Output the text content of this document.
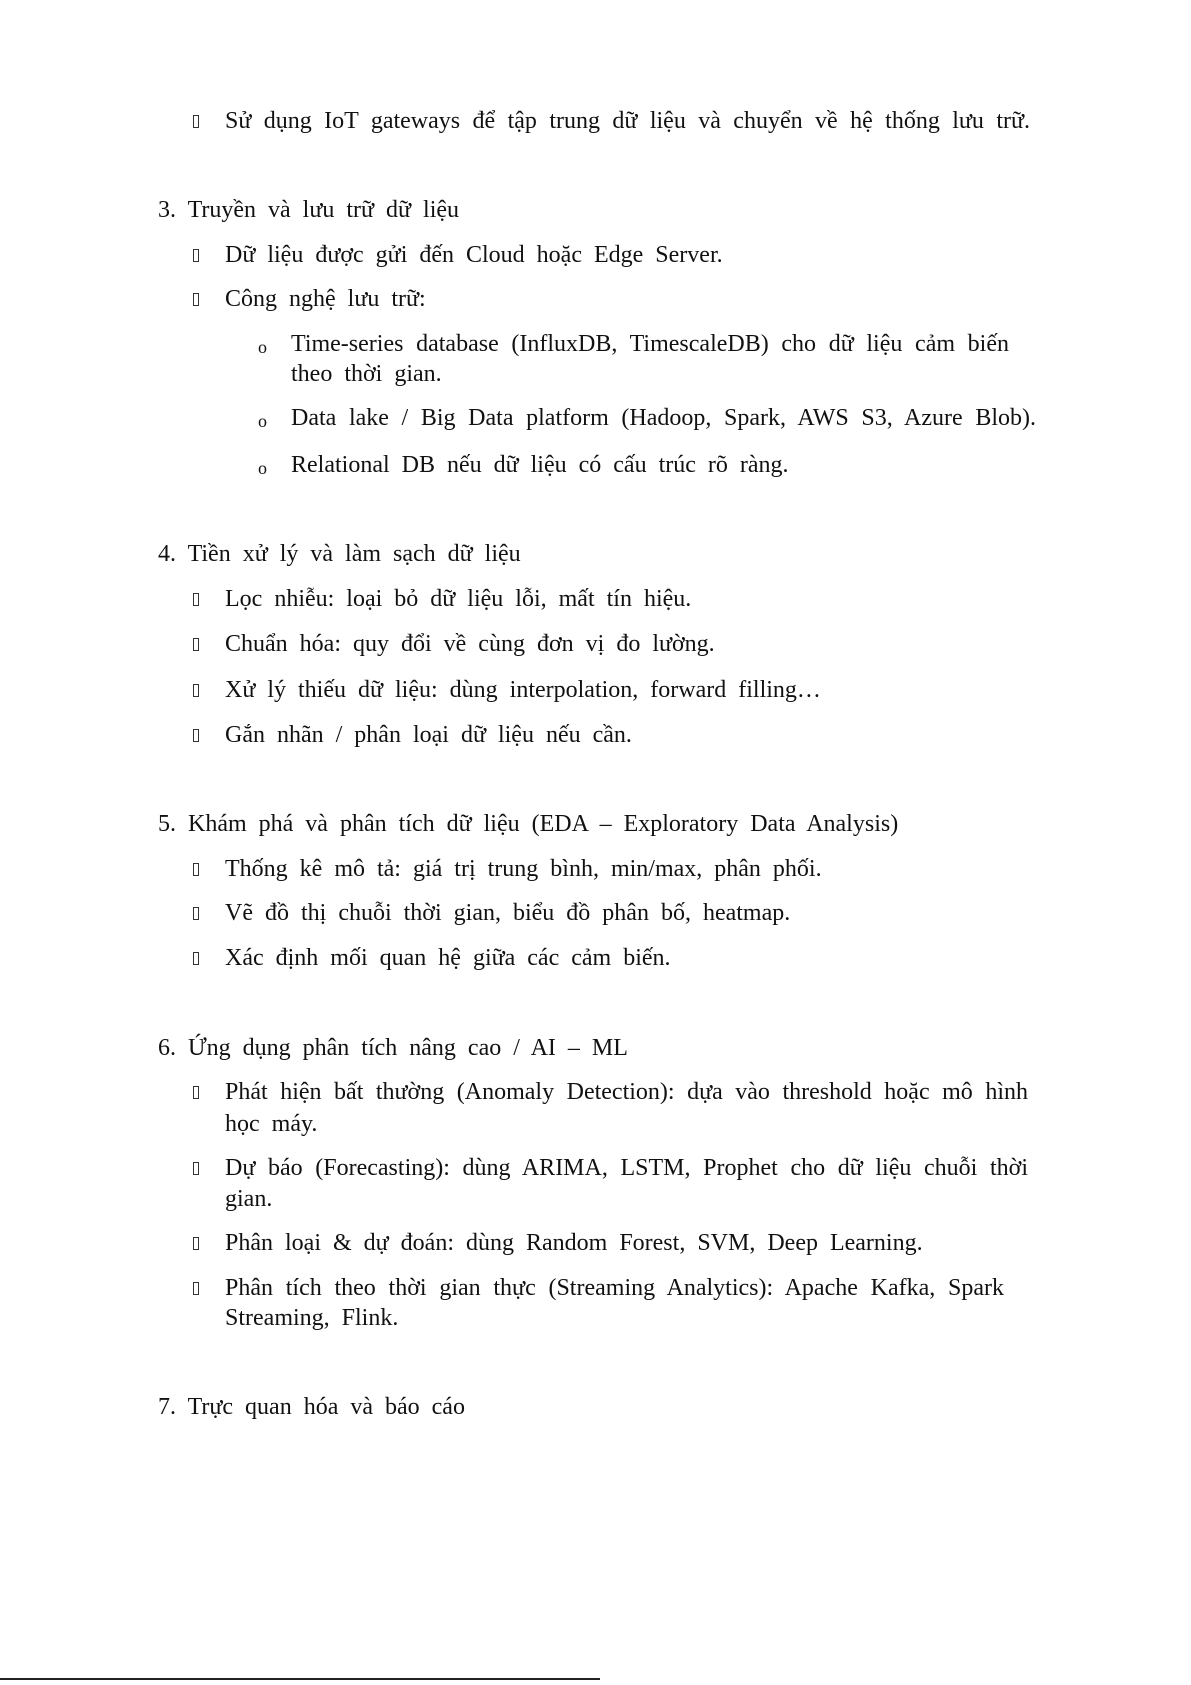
Sử dụng IoT gateways để tập trung dữ liệu và chuyển về hệ thống lưu trữ.
3. Truyền và lưu trữ dữ liệu
Dữ liệu được gửi đến Cloud hoặc Edge Server.
Công nghệ lưu trữ:
o Time-series database (InfluxDB, TimescaleDB) cho dữ liệu cảm biến
theo thời gian.
o Data lake / Big Data platform (Hadoop, Spark, AWS S3, Azure Blob).
o Relational DB nếu dữ liệu có cấu trúc rõ ràng.
4. Tiền xử lý và làm sạch dữ liệu
Lọc nhiễu: loại bỏ dữ liệu lỗi, mất tín hiệu.
Chuẩn hóa: quy đổi về cùng đơn vị đo lường.
Xử lý thiếu dữ liệu: dùng interpolation, forward filling…
Gắn nhãn / phân loại dữ liệu nếu cần.
5. Khám phá và phân tích dữ liệu (EDA – Exploratory Data Analysis)
Thống kê mô tả: giá trị trung bình, min/max, phân phối.
Vẽ đồ thị chuỗi thời gian, biểu đồ phân bố, heatmap.
Xác định mối quan hệ giữa các cảm biến.
6. Ứng dụng phân tích nâng cao / AI – ML
Phát hiện bất thường (Anomaly Detection): dựa vào threshold hoặc mô hình
học máy.
Dự báo (Forecasting): dùng ARIMA, LSTM, Prophet cho dữ liệu chuỗi thời
gian.
Phân loại & dự đoán: dùng Random Forest, SVM, Deep Learning.
Phân tích theo thời gian thực (Streaming Analytics): Apache Kafka, Spark
Streaming, Flink.
7. Trực quan hóa và báo cáo
